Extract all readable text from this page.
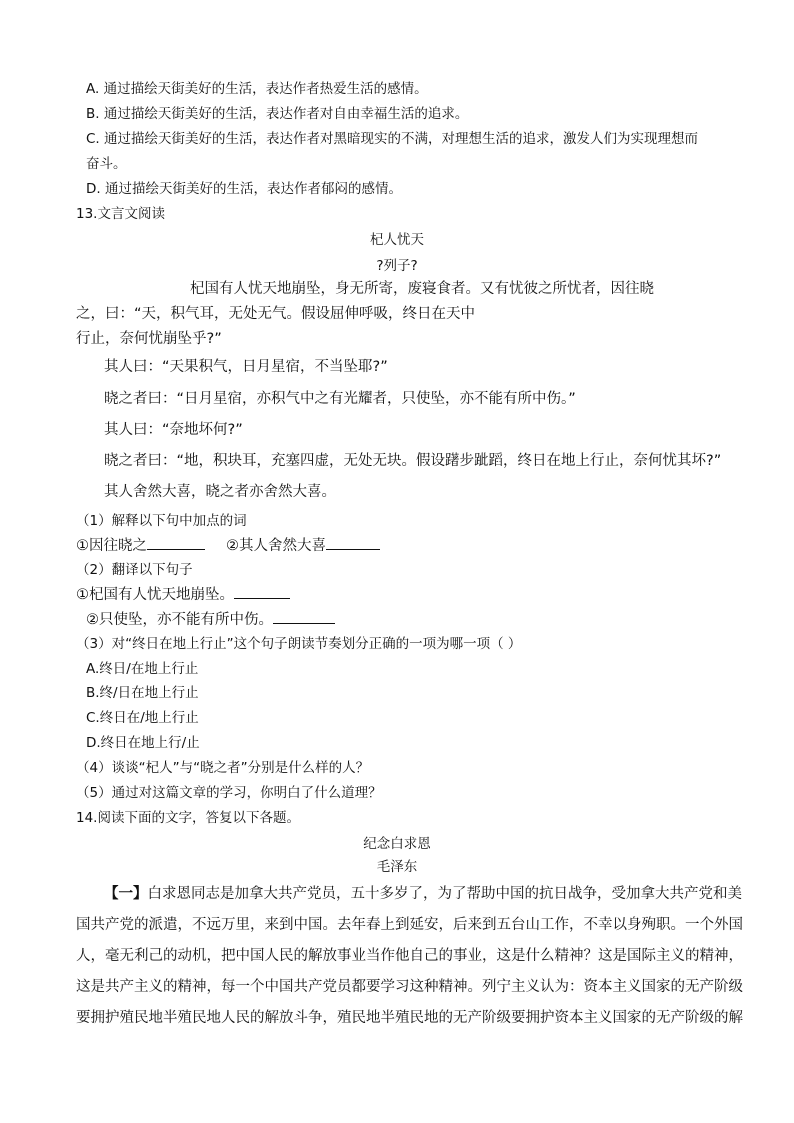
A. 通过描绘天街美好的生活，表达作者热爱生活的感情。
B. 通过描绘天街美好的生活，表达作者对自由幸福生活的追求。
C. 通过描绘天街美好的生活，表达作者对黑暗现实的不满，对理想生活的追求，激发人们为实现理想而
奋斗。
D. 通过描绘天街美好的生活，表达作者郁闷的感情。
13.文言文阅读
杞人忧天
?列子?
杞国有人忧天地崩坠，身无所寄，废寝食者。又有忧彼之所忧者，因往晓
之，曰：“天，积气耳，无处无气。假设屈伸呼吸，终日在天中
行止，奈何忧崩坠乎?”
其人曰：“天果积气，日月星宿，不当坠耶?”
晓之者曰：“日月星宿，亦积气中之有光耀者，只使坠，亦不能有所中伤。”
其人曰：“奈地坏何?”
晓之者曰：“地，积块耳，充塞四虚，无处无块。假设躇步跐蹈，终日在地上行止，奈何忧其坏?”
其人舍然大喜，晓之者亦舍然大喜。
（1）解释以下句中加点的词
①因往晓之	②其人舍然大喜
（2）翻译以下句子
①杞国有人忧天地崩坠。
②只使坠，亦不能有所中伤。
（3）对“终日在地上行止”这个句子朗读节奏划分正确的一项为哪一项（ ）
A.终日/在地上行止
B.终/日在地上行止
C.终日在/地上行止
D.终日在地上行/止
（4）谈谈“杞人”与“晓之者”分别是什么样的人？
（5）通过对这篇文章的学习，你明白了什么道理？
14.阅读下面的文字，答复以下各题。
纪念白求恩
毛泽东
【一】白求恩同志是加拿大共产党员，五十多岁了，为了帮助中国的抗日战争，受加拿大共产党和美
国共产党的派遣，不远万里，来到中国。去年春上到延安，后来到五台山工作，不幸以身殉职。一个外国
人，毫无利己的动机，把中国人民的解放事业当作他自己的事业，这是什么精神？这是国际主义的精神，
这是共产主义的精神，每一个中国共产党员都要学习这种精神。列宁主义认为：资本主义国家的无产阶级
要拥护殖民地半殖民地人民的解放斗争，殖民地半殖民地的无产阶级要拥护资本主义国家的无产阶级的解
